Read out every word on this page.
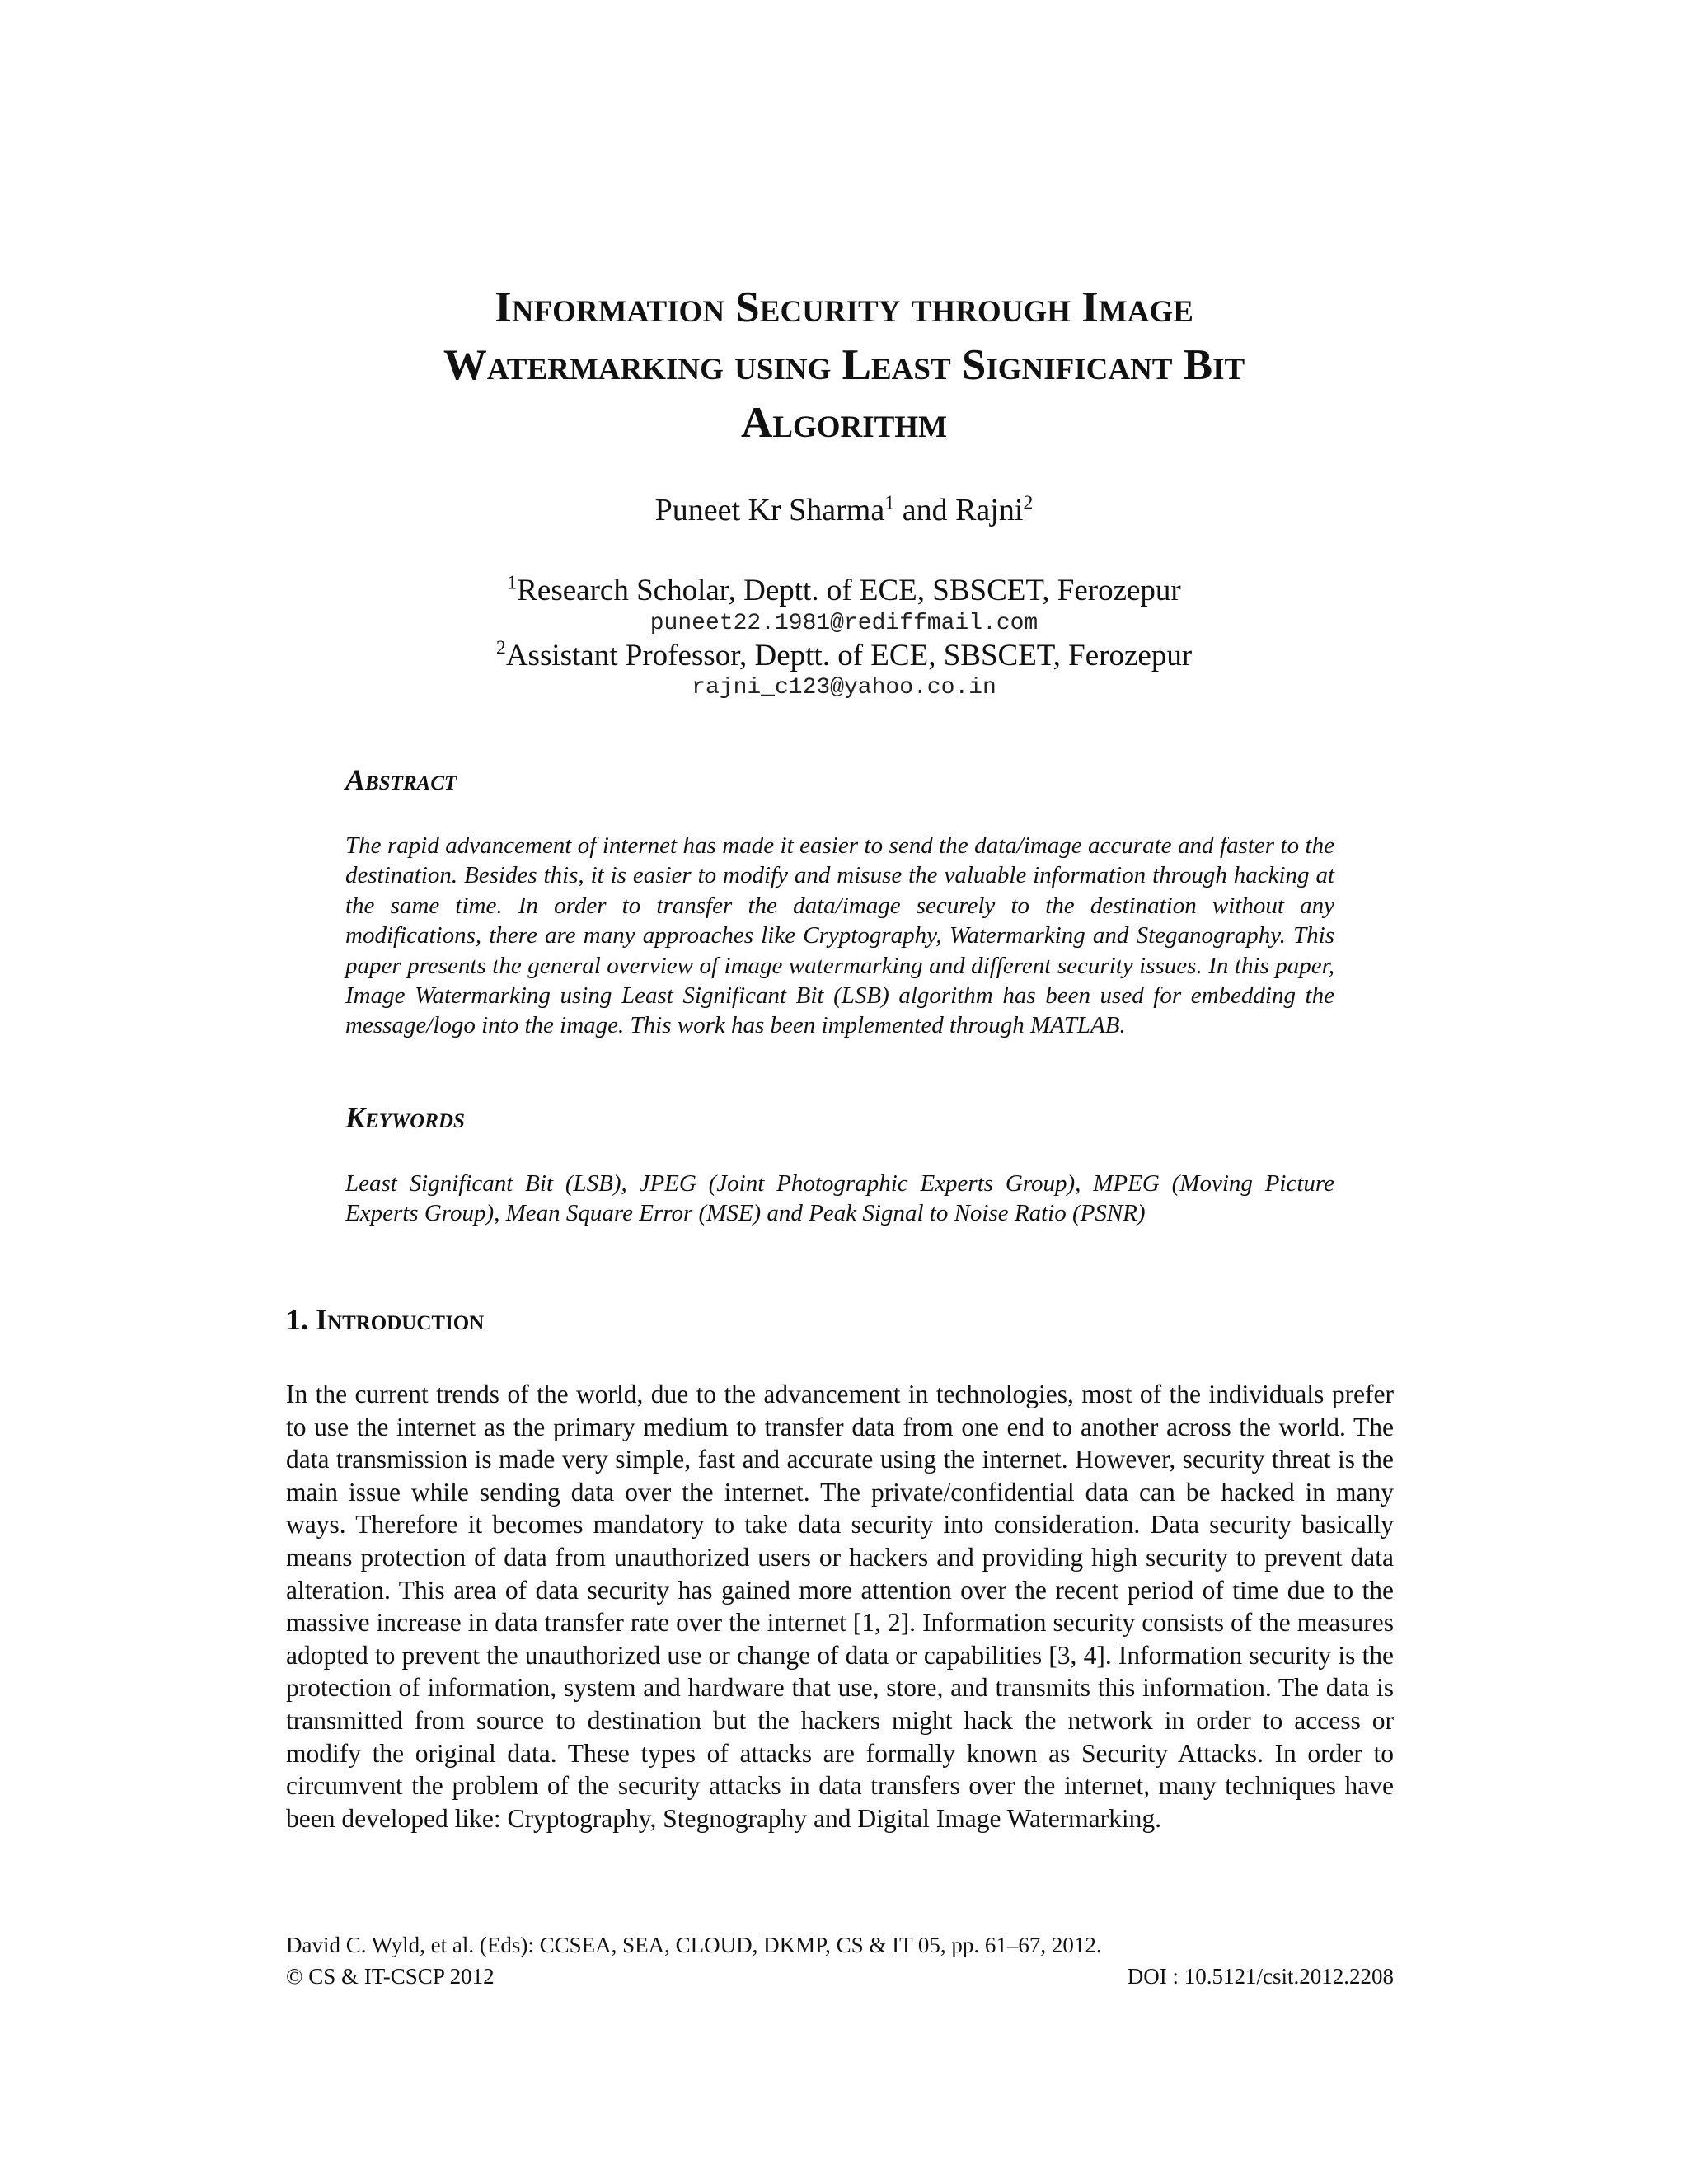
Information Security through Image
Watermarking using Least Significant Bit
Algorithm
Puneet Kr Sharma$^1$ and Rajni$^2$
$^1$Research Scholar, Deptt. of ECE, SBSCET, Ferozepur
puneet22.1981@rediffmail.com
$^2$Assistant Professor, Deptt. of ECE, SBSCET, Ferozepur
rajni_c123@yahoo.co.in
Abstract

The rapid advancement of internet has made it easier to send the data/image accurate and faster to the destination. Besides this, it is easier to modify and misuse the valuable information through hacking at the same time. In order to transfer the data/image securely to the destination without any modifications, there are many approaches like Cryptography, Watermarking and Steganography. This paper presents the general overview of image watermarking and different security issues. In this paper, Image Watermarking using Least Significant Bit (LSB) algorithm has been used for embedding the message/logo into the image. This work has been implemented through MATLAB.

Keywords

Least Significant Bit (LSB), JPEG (Joint Photographic Experts Group), MPEG (Moving Picture Experts Group), Mean Square Error (MSE) and Peak Signal to Noise Ratio (PSNR)

1. Introduction

In the current trends of the world, due to the advancement in technologies, most of the individuals prefer to use the internet as the primary medium to transfer data from one end to another across the world. The data transmission is made very simple, fast and accurate using the internet. However, security threat is the main issue while sending data over the internet. The private/confidential data can be hacked in many ways. Therefore it becomes mandatory to take data security into consideration. Data security basically means protection of data from unauthorized users or hackers and providing high security to prevent data alteration. This area of data security has gained more attention over the recent period of time due to the massive increase in data transfer rate over the internet [1, 2]. Information security consists of the measures adopted to prevent the unauthorized use or change of data or capabilities [3, 4]. Information security is the protection of information, system and hardware that use, store, and transmits this information. The data is transmitted from source to destination but the hackers might hack the network in order to access or modify the original data. These types of attacks are formally known as Security Attacks. In order to circumvent the problem of the security attacks in data transfers over the internet, many techniques have been developed like: Cryptography, Stegnography and Digital Image Watermarking.

David C. Wyld, et al. (Eds): CCSEA, SEA, CLOUD, DKMP, CS & IT 05, pp. 61–67, 2012.
© CS & IT-CSCP 2012	DOI : 10.5121/csit.2012.2208
